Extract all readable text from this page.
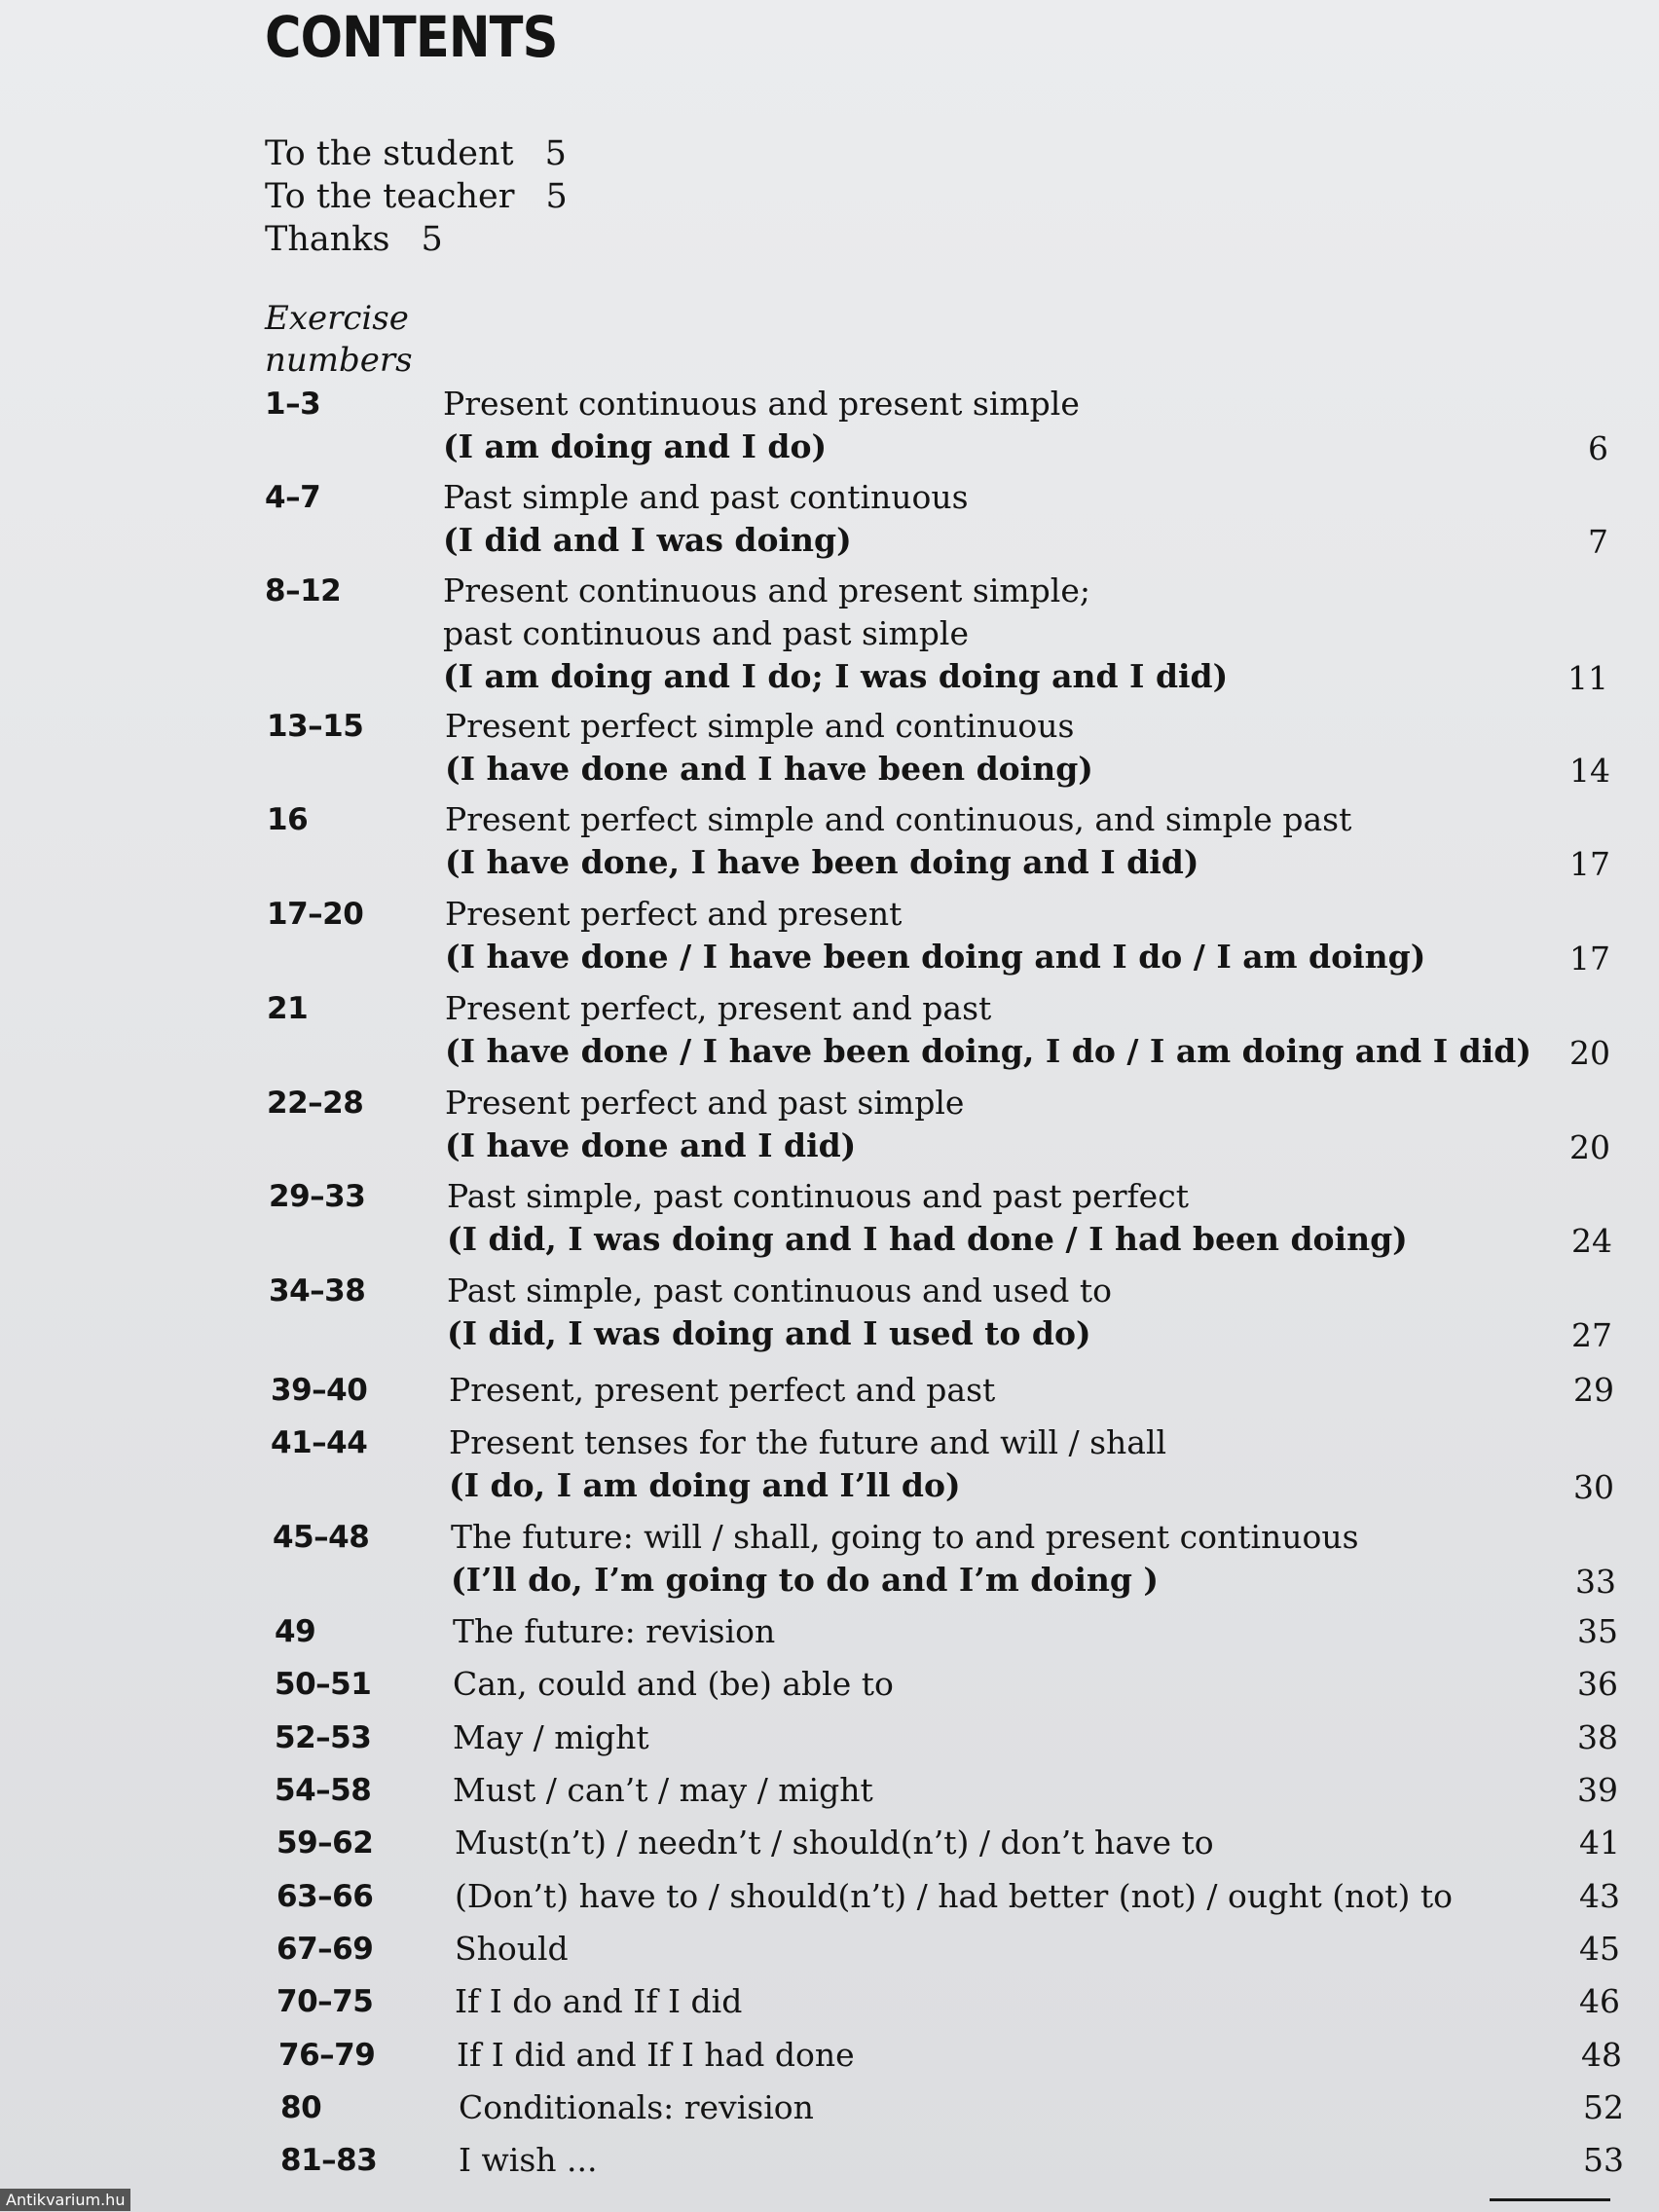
CONTENTS
To the student 5
To the teacher 5
Thanks 5
Exercise
numbers
1–3	Present continuous and present simple
(I am doing and I do)	6
4–7	Past simple and past continuous
(I did and I was doing)	7
8–12	Present continuous and present simple;
past continuous and past simple
(I am doing and I do; I was doing and I did)	11
13–15	Present perfect simple and continuous
(I have done and I have been doing)	14
16	Present perfect simple and continuous, and simple past
(I have done, I have been doing and I did)	17
17–20	Present perfect and present
(I have done / I have been doing and I do / I am doing)	17
21	Present perfect, present and past
(I have done / I have been doing, I do / I am doing and I did) 20
22–28	Present perfect and past simple
(I have done and I did)	20
29–33	Past simple, past continuous and past perfect
(I did, I was doing and I had done / I had been doing)	24
34–38	Past simple, past continuous and used to
(I did, I was doing and I used to do)	27
39–40	Present, present perfect and past	29
41–44	Present tenses for the future and will / shall
(I do, I am doing and I’ll do)	30
45–48	The future: will / shall, going to and present continuous
(I’ll do, I’m going to do and I’m doing )	33
49	The future: revision	35
50–51	Can, could and (be) able to	36
52–53	May / might	38
54–58	Must / can’t / may / might	39
59–62	Must(n’t) / needn’t / should(n’t) / don’t have to	41
63–66	(Don’t) have to / should(n’t) / had better (not) / ought (not) to	43
67–69	Should	45
70–75	If I do and If I did	46
76–79	If I did and If I had done	48
80	Conditionals: revision	52
81–83	I wish ...	53
Antikvarium.hu
